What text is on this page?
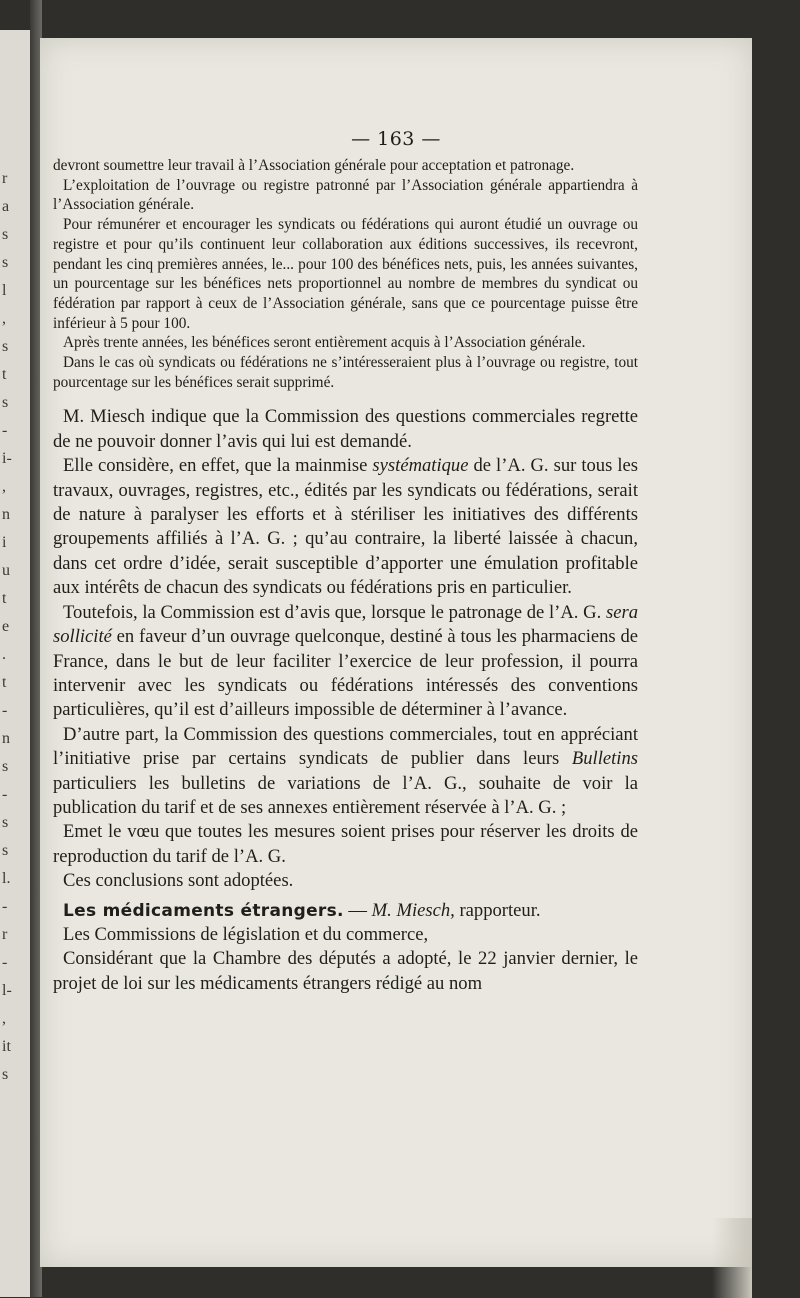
r
a
s
s
l
,
s
t
s
-
i-
,
n
i
u
t
e
.
t
-
n
s
-
s
s
l.
-
r
-
l-
,
it
s
— 163 —

devront soumettre leur travail à l’Association générale pour acceptation et patronage.

L’exploitation de l’ouvrage ou registre patronné par l’Association générale appartiendra à l’Association générale.

Pour rémunérer et encourager les syndicats ou fédérations qui auront étudié un ouvrage ou registre et pour qu’ils continuent leur collaboration aux éditions successives, ils recevront, pendant les cinq premières années, le... pour 100 des bénéfices nets, puis, les années suivantes, un pourcentage sur les bénéfices nets proportionnel au nombre de membres du syndicat ou fédération par rapport à ceux de l’Association générale, sans que ce pourcentage puisse être inférieur à 5 pour 100.

Après trente années, les bénéfices seront entièrement acquis à l’Association générale.

Dans le cas où syndicats ou fédérations ne s’intéresseraient plus à l’ouvrage ou registre, tout pourcentage sur les bénéfices serait supprimé.

M. Miesch indique que la Commission des questions commerciales regrette de ne pouvoir donner l’avis qui lui est demandé.

Elle considère, en effet, que la mainmise systématique de l’A. G. sur tous les travaux, ouvrages, registres, etc., édités par les syndicats ou fédérations, serait de nature à paralyser les efforts et à stériliser les initiatives des différents groupements affiliés à l’A. G. ; qu’au contraire, la liberté laissée à chacun, dans cet ordre d’idée, serait susceptible d’apporter une émulation profitable aux intérêts de chacun des syndicats ou fédérations pris en particulier.

Toutefois, la Commission est d’avis que, lorsque le patronage de l’A. G. sera sollicité en faveur d’un ouvrage quelconque, destiné à tous les pharmaciens de France, dans le but de leur faciliter l’exercice de leur profession, il pourra intervenir avec les syndicats ou fédérations intéressés des conventions particulières, qu’il est d’ailleurs impossible de déterminer à l’avance.

D’autre part, la Commission des questions commerciales, tout en appréciant l’initiative prise par certains syndicats de publier dans leurs Bulletins particuliers les bulletins de variations de l’A. G., souhaite de voir la publication du tarif et de ses annexes entièrement réservée à l’A. G. ;

Emet le vœu que toutes les mesures soient prises pour réserver les droits de reproduction du tarif de l’A. G.

Ces conclusions sont adoptées.

Les médicaments étrangers. — M. Miesch, rapporteur.

Les Commissions de législation et du commerce,

Considérant que la Chambre des députés a adopté, le 22 janvier dernier, le projet de loi sur les médicaments étrangers rédigé au nom
